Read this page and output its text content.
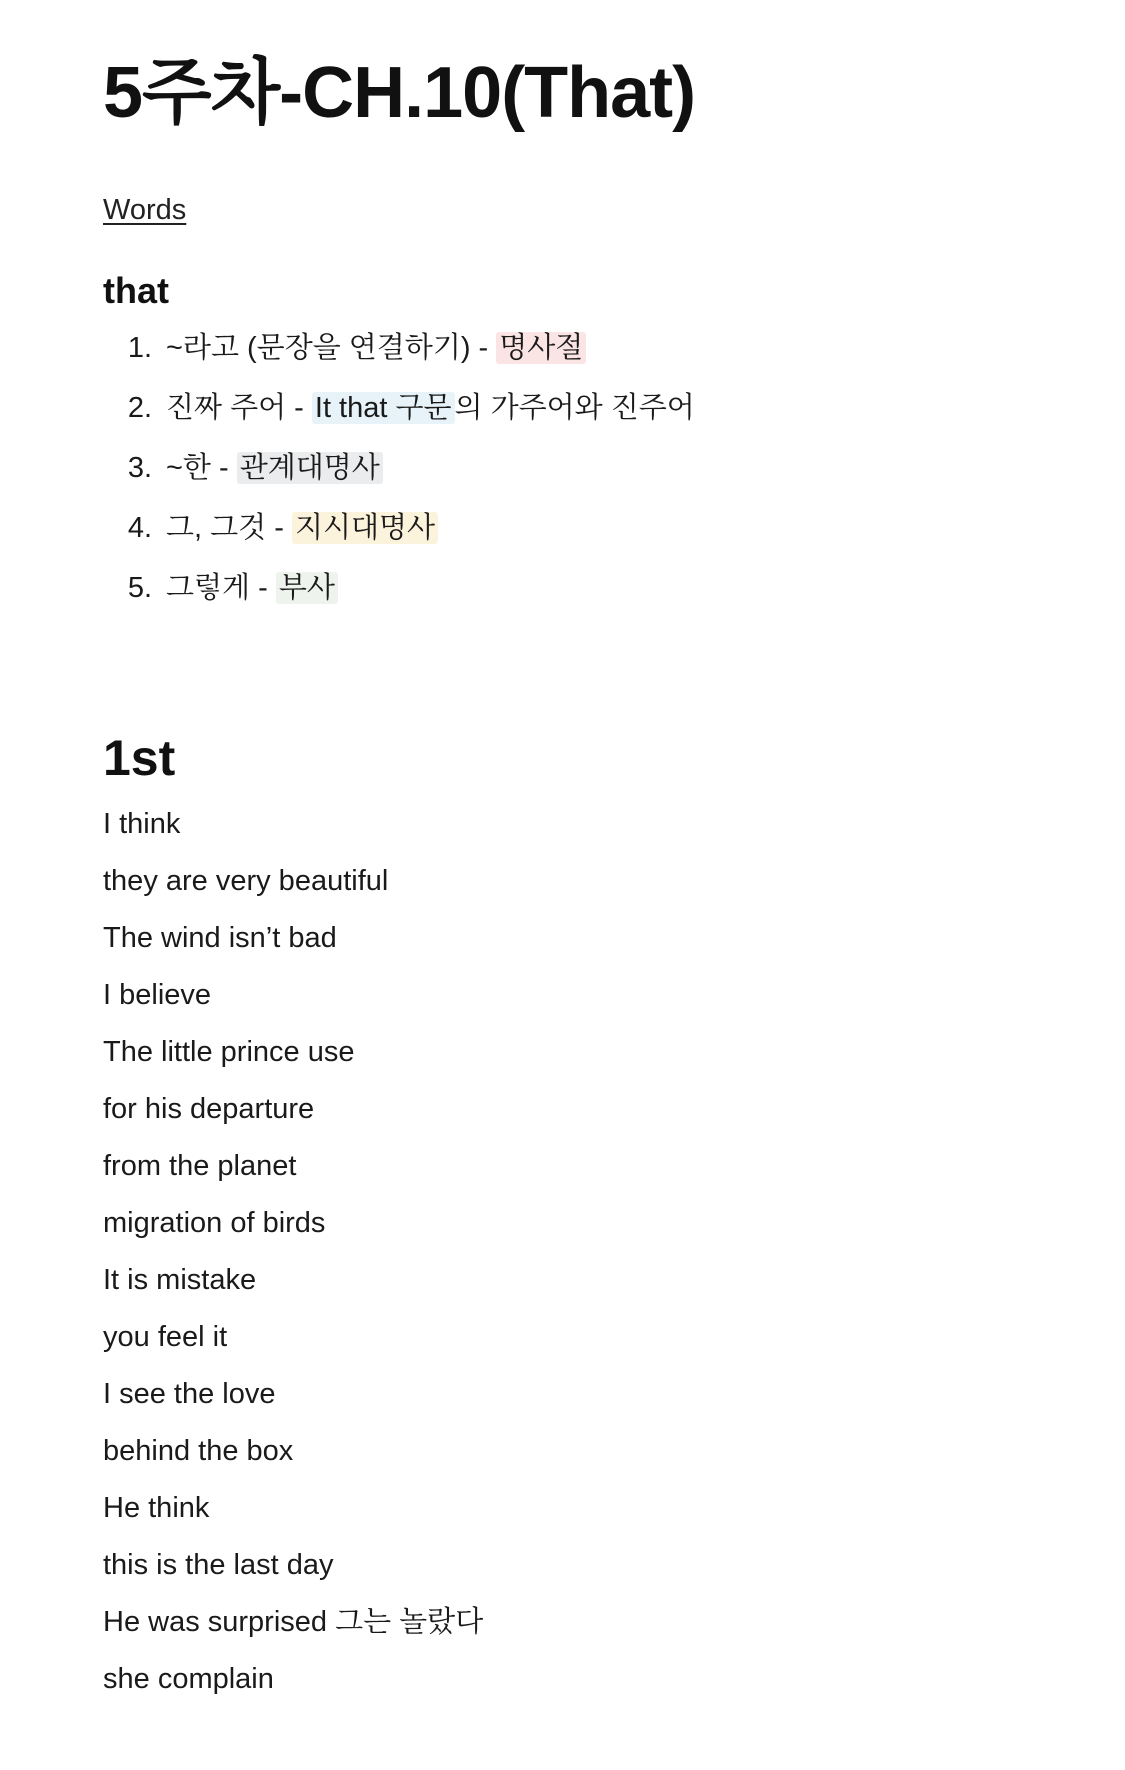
5주차-CH.10(That)
Words
that
1. ~라고 (문장을 연결하기) - 명사절
2. 진짜 주어 - It that 구문 의 가주어와 진주어
3. ~한 - 관계대명사
4. 그, 그것 - 지시대명사
5. 그렇게 - 부사
1st
I think
they are very beautiful
The wind isn’t bad
I believe
The little prince use
for his departure
from the planet
migration of birds
It is mistake
you feel it
I see the love
behind the box
He think
this is the last day
He was surprised 그는 놀랐다
she complain
